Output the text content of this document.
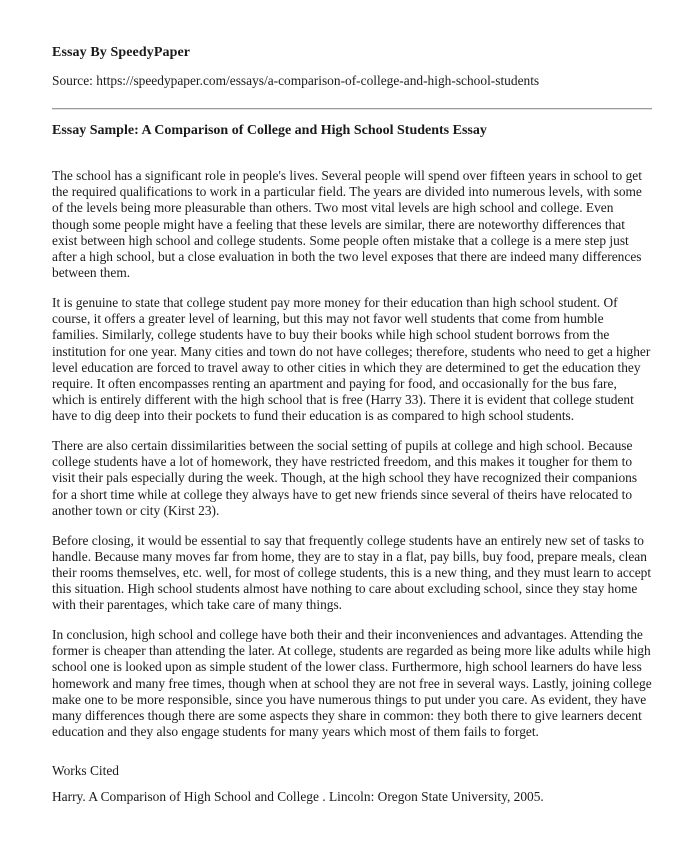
Essay By SpeedyPaper
Source: https://speedypaper.com/essays/a-comparison-of-college-and-high-school-students
Essay Sample: A Comparison of College and High School Students Essay

The school has a significant role in people's lives. Several people will spend over fifteen years in school to get the required qualifications to work in a particular field. The years are divided into numerous levels, with some of the levels being more pleasurable than others. Two most vital levels are high school and college. Even though some people might have a feeling that these levels are similar, there are noteworthy differences that exist between high school and college students. Some people often mistake that a college is a mere step just after a high school, but a close evaluation in both the two level exposes that there are indeed many differences between them.

It is genuine to state that college student pay more money for their education than high school student. Of course, it offers a greater level of learning, but this may not favor well students that come from humble families. Similarly, college students have to buy their books while high school student borrows from the institution for one year. Many cities and town do not have colleges; therefore, students who need to get a higher level education are forced to travel away to other cities in which they are determined to get the education they require. It often encompasses renting an apartment and paying for food, and occasionally for the bus fare, which is entirely different with the high school that is free (Harry 33). There it is evident that college student have to dig deep into their pockets to fund their education is as compared to high school students.

There are also certain dissimilarities between the social setting of pupils at college and high school. Because college students have a lot of homework, they have restricted freedom, and this makes it tougher for them to visit their pals especially during the week. Though, at the high school they have recognized their companions for a short time while at college they always have to get new friends since several of theirs have relocated to another town or city (Kirst 23).

Before closing, it would be essential to say that frequently college students have an entirely new set of tasks to handle. Because many moves far from home, they are to stay in a flat, pay bills, buy food, prepare meals, clean their rooms themselves, etc. well, for most of college students, this is a new thing, and they must learn to accept this situation. High school students almost have nothing to care about excluding school, since they stay home with their parentages, which take care of many things.

In conclusion, high school and college have both their and their inconveniences and advantages. Attending the former is cheaper than attending the later. At college, students are regarded as being more like adults while high school one is looked upon as simple student of the lower class. Furthermore, high school learners do have less homework and many free times, though when at school they are not free in several ways. Lastly, joining college make one to be more responsible, since you have numerous things to put under you care. As evident, they have many differences though there are some aspects they share in common: they both there to give learners decent education and they also engage students for many years which most of them fails to forget.

Works Cited
Harry. A Comparison of High School and College . Lincoln: Oregon State University, 2005.
